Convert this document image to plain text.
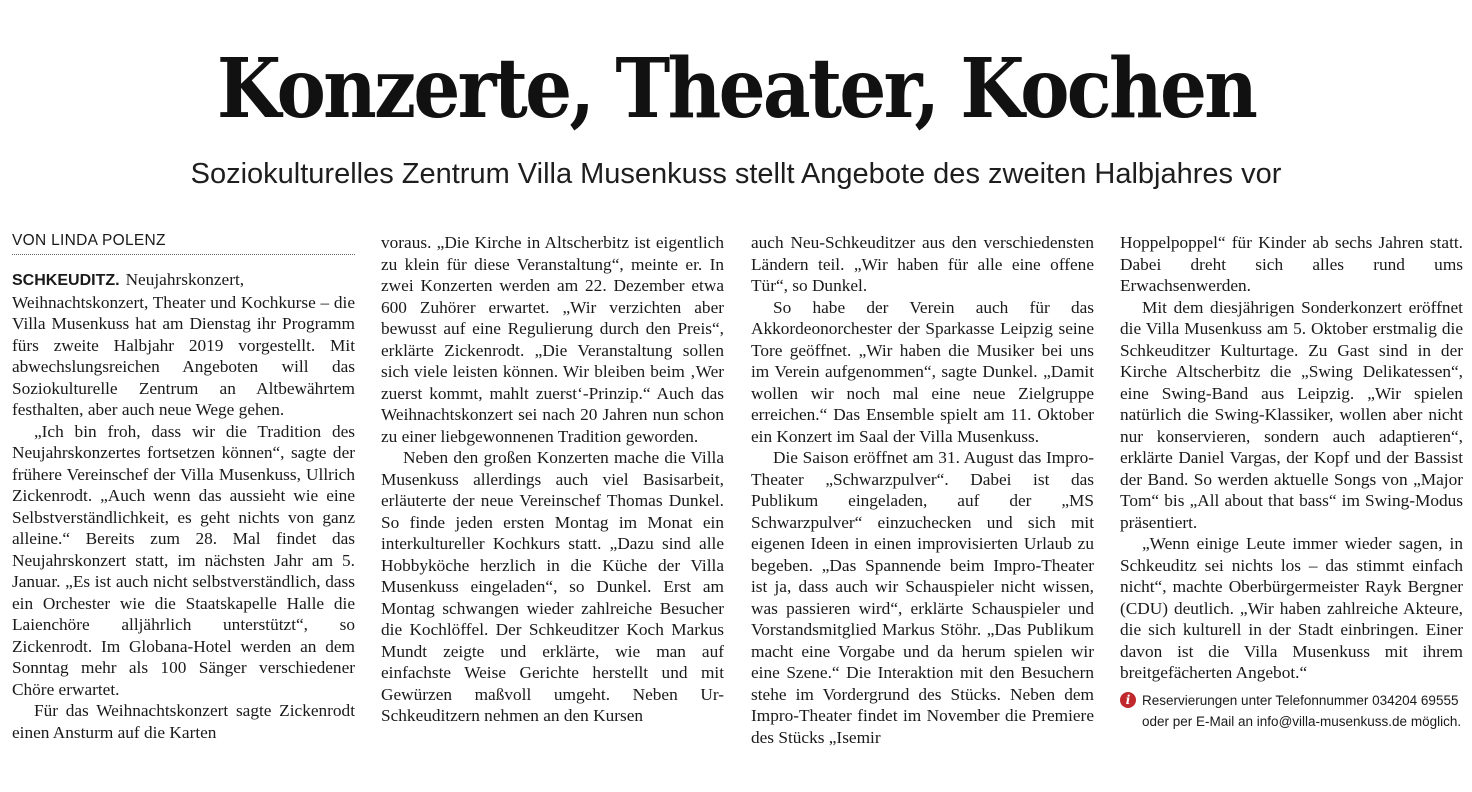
Konzerte, Theater, Kochen
Soziokulturelles Zentrum Villa Musenkuss stellt Angebote des zweiten Halbjahres vor
VON LINDA POLENZ

SCHKEUDITZ. Neujahrskonzert, Weihnachtskonzert, Theater und Kochkurse – die Villa Musenkuss hat am Dienstag ihr Programm fürs zweite Halbjahr 2019 vorgestellt. Mit abwechslungsreichen Angeboten will das Soziokulturelle Zentrum an Altbewährtem festhalten, aber auch neue Wege gehen.

„Ich bin froh, dass wir die Tradition des Neujahrskonzertes fortsetzen können“, sagte der frühere Vereinschef der Villa Musenkuss, Ullrich Zickenrodt. „Auch wenn das aussieht wie eine Selbstverständlichkeit, es geht nichts von ganz alleine.“ Bereits zum 28. Mal findet das Neujahrskonzert statt, im nächsten Jahr am 5. Januar. „Es ist auch nicht selbstverständlich, dass ein Orchester wie die Staatskapelle Halle die Laienchöre alljährlich unterstützt“, so Zickenrodt. Im Globana-Hotel werden an dem Sonntag mehr als 100 Sänger verschiedener Chöre erwartet.

Für das Weihnachtskonzert sagte Zickenrodt einen Ansturm auf die Karten

voraus. „Die Kirche in Altscherbitz ist eigentlich zu klein für diese Veranstaltung“, meinte er. In zwei Konzerten werden am 22. Dezember etwa 600 Zuhörer erwartet. „Wir verzichten aber bewusst auf eine Regulierung durch den Preis“, erklärte Zickenrodt. „Die Veranstaltung sollen sich viele leisten können. Wir bleiben beim ‚Wer zuerst kommt, mahlt zuerst‘-Prinzip.“ Auch das Weihnachtskonzert sei nach 20 Jahren nun schon zu einer liebgewonnenen Tradition geworden.

Neben den großen Konzerten mache die Villa Musenkuss allerdings auch viel Basisarbeit, erläuterte der neue Vereinschef Thomas Dunkel. So finde jeden ersten Montag im Monat ein interkultureller Kochkurs statt. „Dazu sind alle Hobbyköche herzlich in die Küche der Villa Musenkuss eingeladen“, so Dunkel. Erst am Montag schwangen wieder zahlreiche Besucher die Kochlöffel. Der Schkeuditzer Koch Markus Mundt zeigte und erklärte, wie man auf einfachste Weise Gerichte herstellt und mit Gewürzen maßvoll umgeht. Neben Ur-Schkeuditzern nehmen an den Kursen

auch Neu-Schkeuditzer aus den verschiedensten Ländern teil. „Wir haben für alle eine offene Tür“, so Dunkel.

So habe der Verein auch für das Akkordeonorchester der Sparkasse Leipzig seine Tore geöffnet. „Wir haben die Musiker bei uns im Verein aufgenommen“, sagte Dunkel. „Damit wollen wir noch mal eine neue Zielgruppe erreichen.“ Das Ensemble spielt am 11. Oktober ein Konzert im Saal der Villa Musenkuss.

Die Saison eröffnet am 31. August das Impro-Theater „Schwarzpulver“. Dabei ist das Publikum eingeladen, auf der „MS Schwarzpulver“ einzuchecken und sich mit eigenen Ideen in einen improvisierten Urlaub zu begeben. „Das Spannende beim Impro-Theater ist ja, dass auch wir Schauspieler nicht wissen, was passieren wird“, erklärte Schauspieler und Vorstandsmitglied Markus Stöhr. „Das Publikum macht eine Vorgabe und da herum spielen wir eine Szene.“ Die Interaktion mit den Besuchern stehe im Vordergrund des Stücks. Neben dem Impro-Theater findet im November die Premiere des Stücks „Isemir

Hoppelpoppel“ für Kinder ab sechs Jahren statt. Dabei dreht sich alles rund ums Erwachsenwerden.

Mit dem diesjährigen Sonderkonzert eröffnet die Villa Musenkuss am 5. Oktober erstmalig die Schkeuditzer Kulturtage. Zu Gast sind in der Kirche Altscherbitz die „Swing Delikatessen“, eine Swing-Band aus Leipzig. „Wir spielen natürlich die Swing-Klassiker, wollen aber nicht nur konservieren, sondern auch adaptieren“, erklärte Daniel Vargas, der Kopf und der Bassist der Band. So werden aktuelle Songs von „Major Tom“ bis „All about that bass“ im Swing-Modus präsentiert.

„Wenn einige Leute immer wieder sagen, in Schkeuditz sei nichts los – das stimmt einfach nicht“, machte Oberbürgermeister Rayk Bergner (CDU) deutlich. „Wir haben zahlreiche Akteure, die sich kulturell in der Stadt einbringen. Einer davon ist die Villa Musenkuss mit ihrem breitgefächerten Angebot.“

i Reservierungen unter Telefonnummer 034204 69555 oder per E-Mail an info@villa-musenkuss.de möglich.
